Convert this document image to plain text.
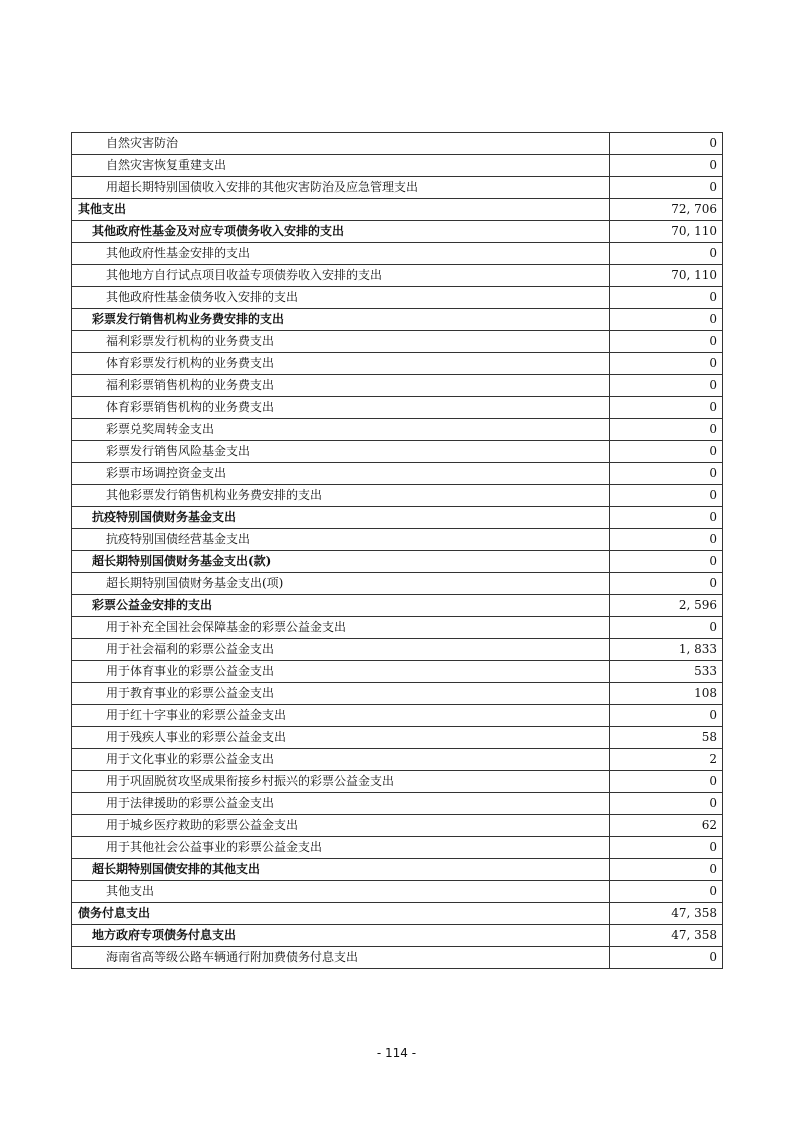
自然灾害防治	0
自然灾害恢复重建支出	0
用超长期特别国债收入安排的其他灾害防治及应急管理支出	0
其他支出	72, 706
其他政府性基金及对应专项债务收入安排的支出	70, 110
其他政府性基金安排的支出	0
其他地方自行试点项目收益专项债券收入安排的支出	70, 110
其他政府性基金债务收入安排的支出	0
彩票发行销售机构业务费安排的支出	0
福利彩票发行机构的业务费支出	0
体育彩票发行机构的业务费支出	0
福利彩票销售机构的业务费支出	0
体育彩票销售机构的业务费支出	0
彩票兑奖周转金支出	0
彩票发行销售风险基金支出	0
彩票市场调控资金支出	0
其他彩票发行销售机构业务费安排的支出	0
抗疫特别国债财务基金支出	0
抗疫特别国债经营基金支出	0
超长期特别国债财务基金支出(款)	0
超长期特别国债财务基金支出(项)	0
彩票公益金安排的支出	2, 596
用于补充全国社会保障基金的彩票公益金支出	0
用于社会福利的彩票公益金支出	1, 833
用于体育事业的彩票公益金支出	533
用于教育事业的彩票公益金支出	108
用于红十字事业的彩票公益金支出	0
用于残疾人事业的彩票公益金支出	58
用于文化事业的彩票公益金支出	2
用于巩固脱贫攻坚成果衔接乡村振兴的彩票公益金支出	0
用于法律援助的彩票公益金支出	0
用于城乡医疗救助的彩票公益金支出	62
用于其他社会公益事业的彩票公益金支出	0
超长期特别国债安排的其他支出	0
其他支出	0
债务付息支出	47, 358
地方政府专项债务付息支出	47, 358
海南省高等级公路车辆通行附加费债务付息支出	0
- 114 -
